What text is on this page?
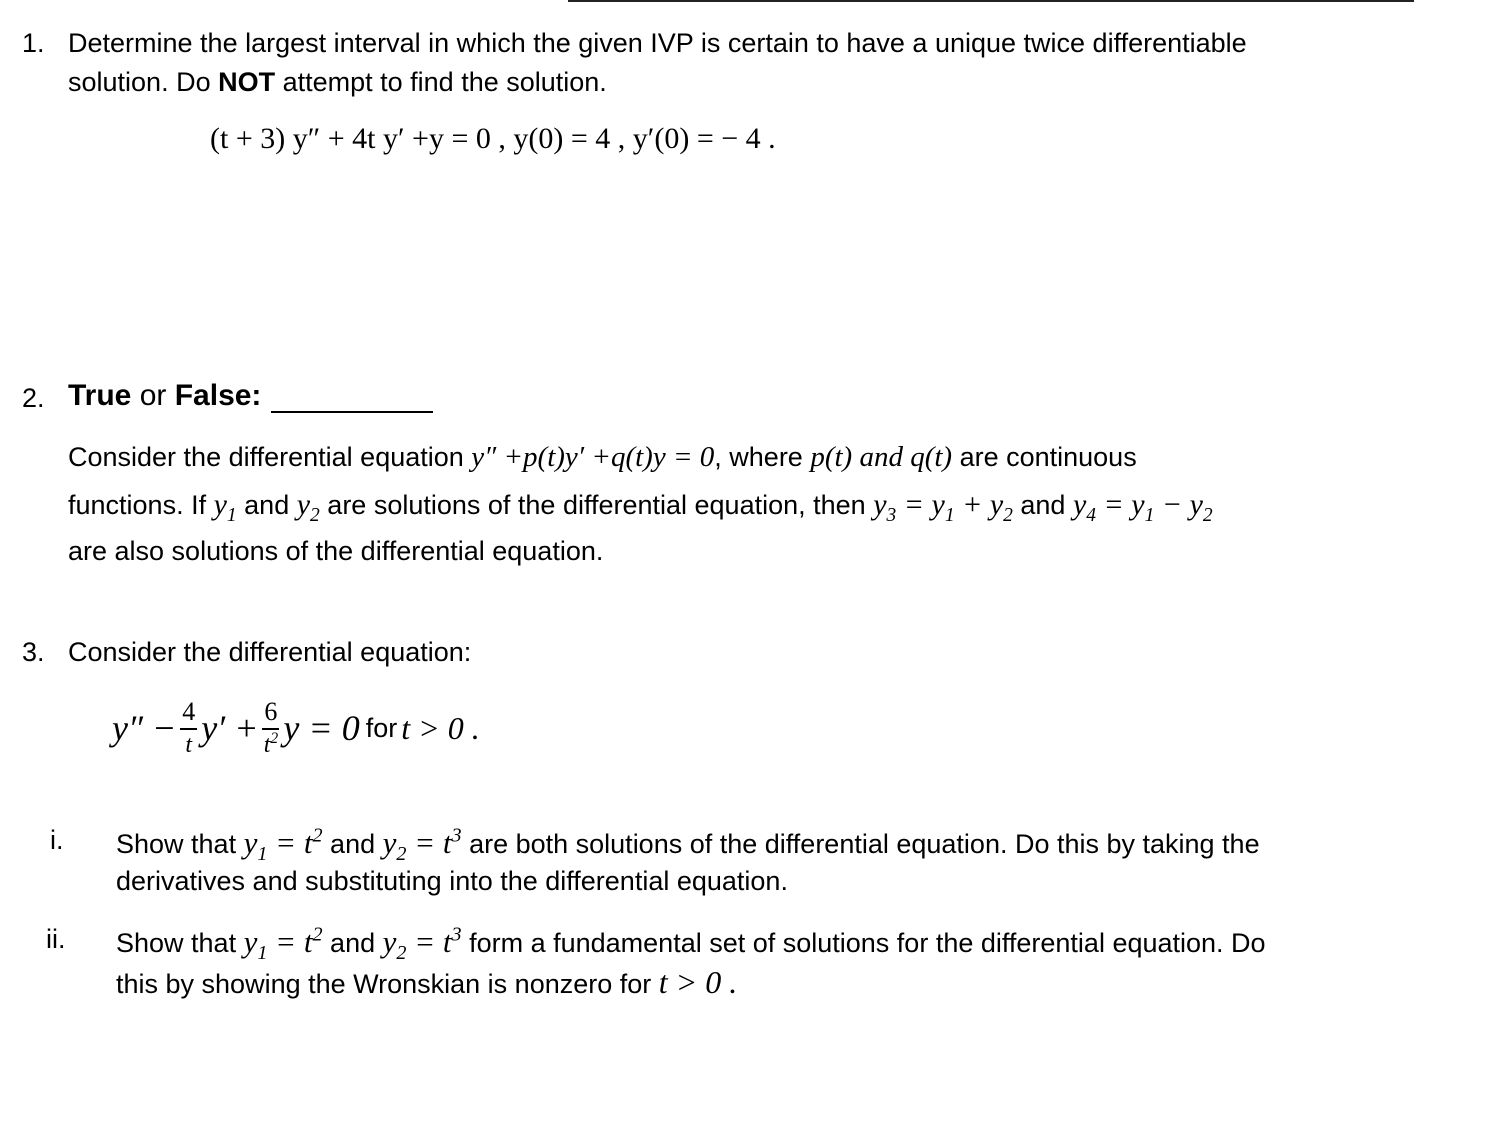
1. Determine the largest interval in which the given IVP is certain to have a unique twice differentiable
solution. Do NOT attempt to find the solution.
(t + 3) y″ + 4t y′ +y = 0 , y(0) = 4 , y′(0) = − 4 .
2. True or False:
Consider the differential equation y″ +p(t)y′ +q(t)y = 0, where p(t) and q(t) are continuous
functions. If $y_1$ and $y_2$ are solutions of the differential equation, then $y_3 = y_1 + y_2$ and $y_4 = y_1 - y_2$
are also solutions of the differential equation.
3. Consider the differential equation:
$y'' - \frac{4}{t} y' + \frac{6}{t^2}$ y = 0 for t > 0 .
i. Show that $y_1 = t^2$ and $y_2 = t^3$ are both solutions of the differential equation. Do this by taking the
derivatives and substituting into the differential equation.
ii. Show that $y_1 = t^2$ and $y_2 = t^3$ form a fundamental set of solutions for the differential equation. Do
this by showing the Wronskian is nonzero for t > 0 .
